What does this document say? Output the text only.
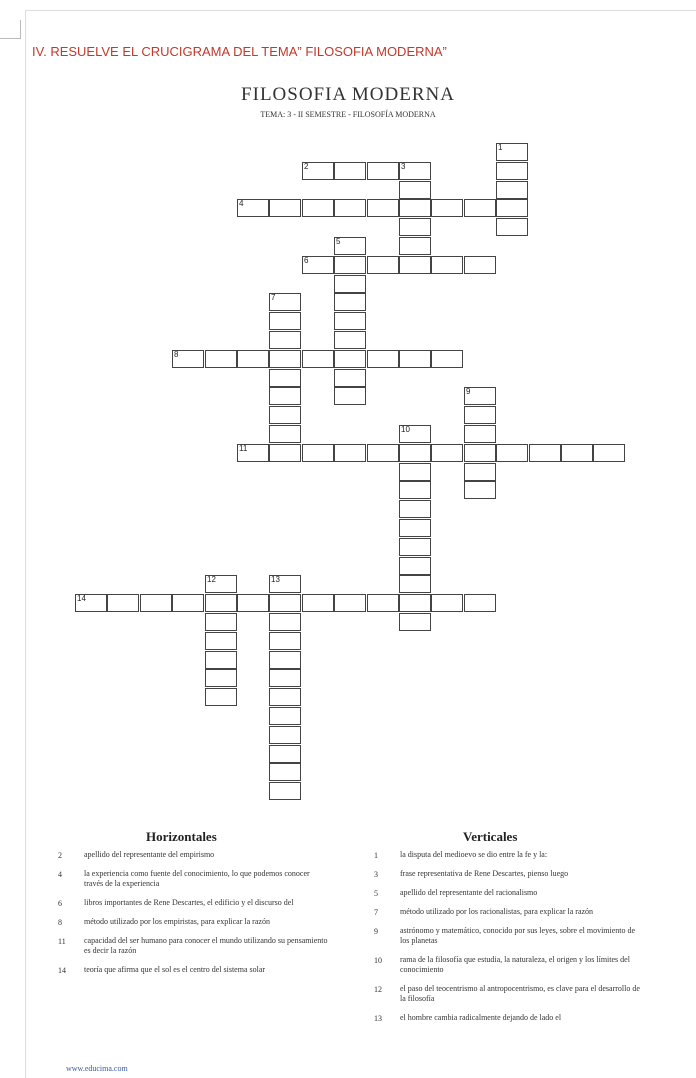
IV. RESUELVE EL CRUCIGRAMA DEL TEMA” FILOSOFIA MODERNA”
FILOSOFIA MODERNA
TEMA: 3 - II SEMESTRE - FILOSOFÍA MODERNA
1
2	3
4
5
6
7
8
9
10
11
12	13
14
Horizontales	Verticales
2	apellido del representante del empirismo
4	la experiencia como fuente del conocimiento, lo que podemos conocer través de la experiencia
6	libros importantes de Rene Descartes, el edificio y el discurso del
8	método utilizado por los empiristas, para explicar la razón
11 capacidad del ser humano para conocer el mundo utilizando su pensamiento es decir la razón
14 teoría que afirma que el sol es el centro del sistema solar
1	la disputa del medioevo se dio entre la fe y la:
3	frase representativa de Rene Descartes, pienso luego
5	apellido del representante del racionalismo
7	método utilizado por los racionalistas, para explicar la razón
9	astrónomo y matemático, conocido por sus leyes, sobre el movimiento de los planetas
10 rama de la filosofía que estudia, la naturaleza, el origen y los límites del conocimiento
12 el paso del teocentrismo al antropocentrismo, es clave para el desarrollo de la filosofía
13 el hombre cambia radicalmente dejando de lado el
www.educima.com
